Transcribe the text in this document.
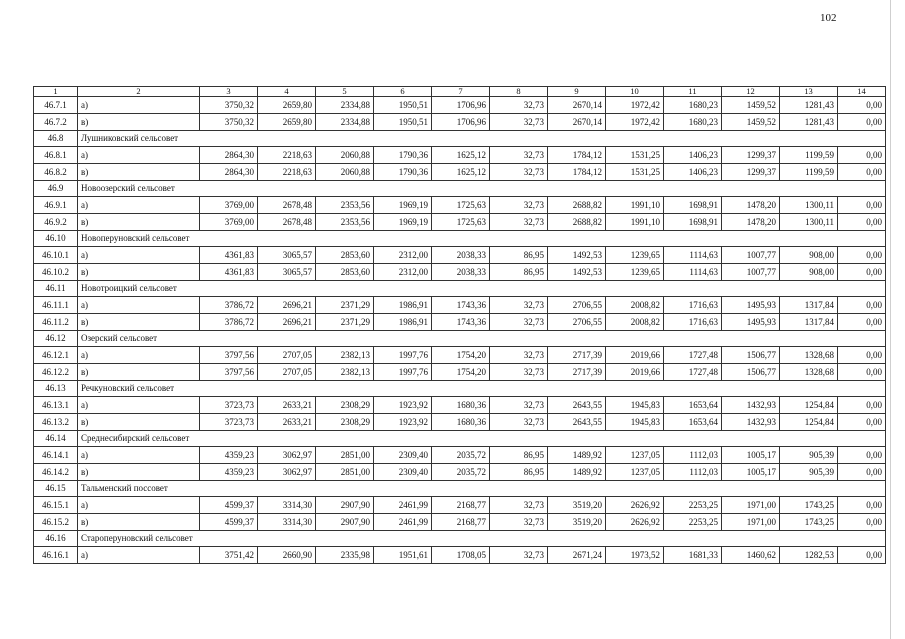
102
1	2	3	4	5	6	7	8	9	10	11	12	13	14
46.7.1	а)	3750,32	2659,80	2334,88	1950,51	1706,96	32,73	2670,14	1972,42	1680,23	1459,52	1281,43	0,00
46.7.2	в)	3750,32	2659,80	2334,88	1950,51	1706,96	32,73	2670,14	1972,42	1680,23	1459,52	1281,43	0,00
46.8	Лушниковский сельсовет												
46.8.1	а)	2864,30	2218,63	2060,88	1790,36	1625,12	32,73	1784,12	1531,25	1406,23	1299,37	1199,59	0,00
46.8.2	в)	2864,30	2218,63	2060,88	1790,36	1625,12	32,73	1784,12	1531,25	1406,23	1299,37	1199,59	0,00
46.9	Новоозерский сельсовет												
46.9.1	а)	3769,00	2678,48	2353,56	1969,19	1725,63	32,73	2688,82	1991,10	1698,91	1478,20	1300,11	0,00
46.9.2	в)	3769,00	2678,48	2353,56	1969,19	1725,63	32,73	2688,82	1991,10	1698,91	1478,20	1300,11	0,00
46.10	Новоперуновский сельсовет												
46.10.1	а)	4361,83	3065,57	2853,60	2312,00	2038,33	86,95	1492,53	1239,65	1114,63	1007,77	908,00	0,00
46.10.2	в)	4361,83	3065,57	2853,60	2312,00	2038,33	86,95	1492,53	1239,65	1114,63	1007,77	908,00	0,00
46.11	Новотроицкий сельсовет												
46.11.1	а)	3786,72	2696,21	2371,29	1986,91	1743,36	32,73	2706,55	2008,82	1716,63	1495,93	1317,84	0,00
46.11.2	в)	3786,72	2696,21	2371,29	1986,91	1743,36	32,73	2706,55	2008,82	1716,63	1495,93	1317,84	0,00
46.12	Озерский сельсовет												
46.12.1	а)	3797,56	2707,05	2382,13	1997,76	1754,20	32,73	2717,39	2019,66	1727,48	1506,77	1328,68	0,00
46.12.2	в)	3797,56	2707,05	2382,13	1997,76	1754,20	32,73	2717,39	2019,66	1727,48	1506,77	1328,68	0,00
46.13	Речкуновский сельсовет												
46.13.1	а)	3723,73	2633,21	2308,29	1923,92	1680,36	32,73	2643,55	1945,83	1653,64	1432,93	1254,84	0,00
46.13.2	в)	3723,73	2633,21	2308,29	1923,92	1680,36	32,73	2643,55	1945,83	1653,64	1432,93	1254,84	0,00
46.14	Среднесибирский сельсовет												
46.14.1	а)	4359,23	3062,97	2851,00	2309,40	2035,72	86,95	1489,92	1237,05	1112,03	1005,17	905,39	0,00
46.14.2	в)	4359,23	3062,97	2851,00	2309,40	2035,72	86,95	1489,92	1237,05	1112,03	1005,17	905,39	0,00
46.15	Тальменский поссовет												
46.15.1	а)	4599,37	3314,30	2907,90	2461,99	2168,77	32,73	3519,20	2626,92	2253,25	1971,00	1743,25	0,00
46.15.2	в)	4599,37	3314,30	2907,90	2461,99	2168,77	32,73	3519,20	2626,92	2253,25	1971,00	1743,25	0,00
46.16	Староперуновский сельсовет												
46.16.1	а)	3751,42	2660,90	2335,98	1951,61	1708,05	32,73	2671,24	1973,52	1681,33	1460,62	1282,53	0,00
